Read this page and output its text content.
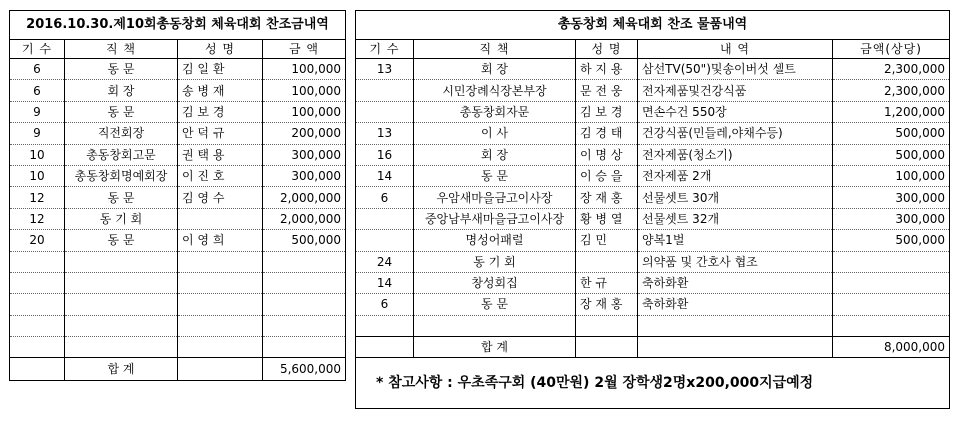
2016.10.30.제10회총동창회 체육대회 찬조금내역			
기 수	직 책	성 명	금 액
6	동 문	김 일 환	100,000
6	회 장	송 병 재	100,000
9	동 문	김 보 경	100,000
9	직전회장	안 덕 규	200,000
10	총동창회고문	권 택 용	300,000
10	총동창회명예회장	이 진 호	300,000
12	동 문	김 영 수	2,000,000
12	동 기 회		2,000,000
20	동 문	이 영 희	500,000

	합 계		5,600,000
총동창회 체육대회 찬조 물품내역				
기 수	직 책	성 명	내 역	금액(상당)
13	회 장	하 지 용	삼선TV(50")및송이버섯 셀트	2,300,000
	시민장례식장본부장	문 전 웅	전자제품및건강식품	2,300,000
	총동창회자문	김 보 경	면손수건 550장	1,200,000
13	이 사	김 경 태	건강식품(민들레,야채수등)	500,000
16	회 장	이 명 상	전자제품(청소기)	500,000
14	동 문	이 승 을	전자제품 2개	100,000
6	우암새마을금고이사장	장 재 홍	선물셋트 30개	300,000
	중앙남부새마을금고이사장	황 병 열	선물셋트 32개	300,000
	명성어패럴	김 민	양복1벌	500,000
24	동 기 회		의약품 및 간호사 협조	
14	창성회집	한 규	축하화환	
6	동 문	장 재 홍	축하화환	

	합 계			8,000,000
* 참고사항 : 우초족구회 (40만원) 2월 장학생2명x200,000지급예정				
